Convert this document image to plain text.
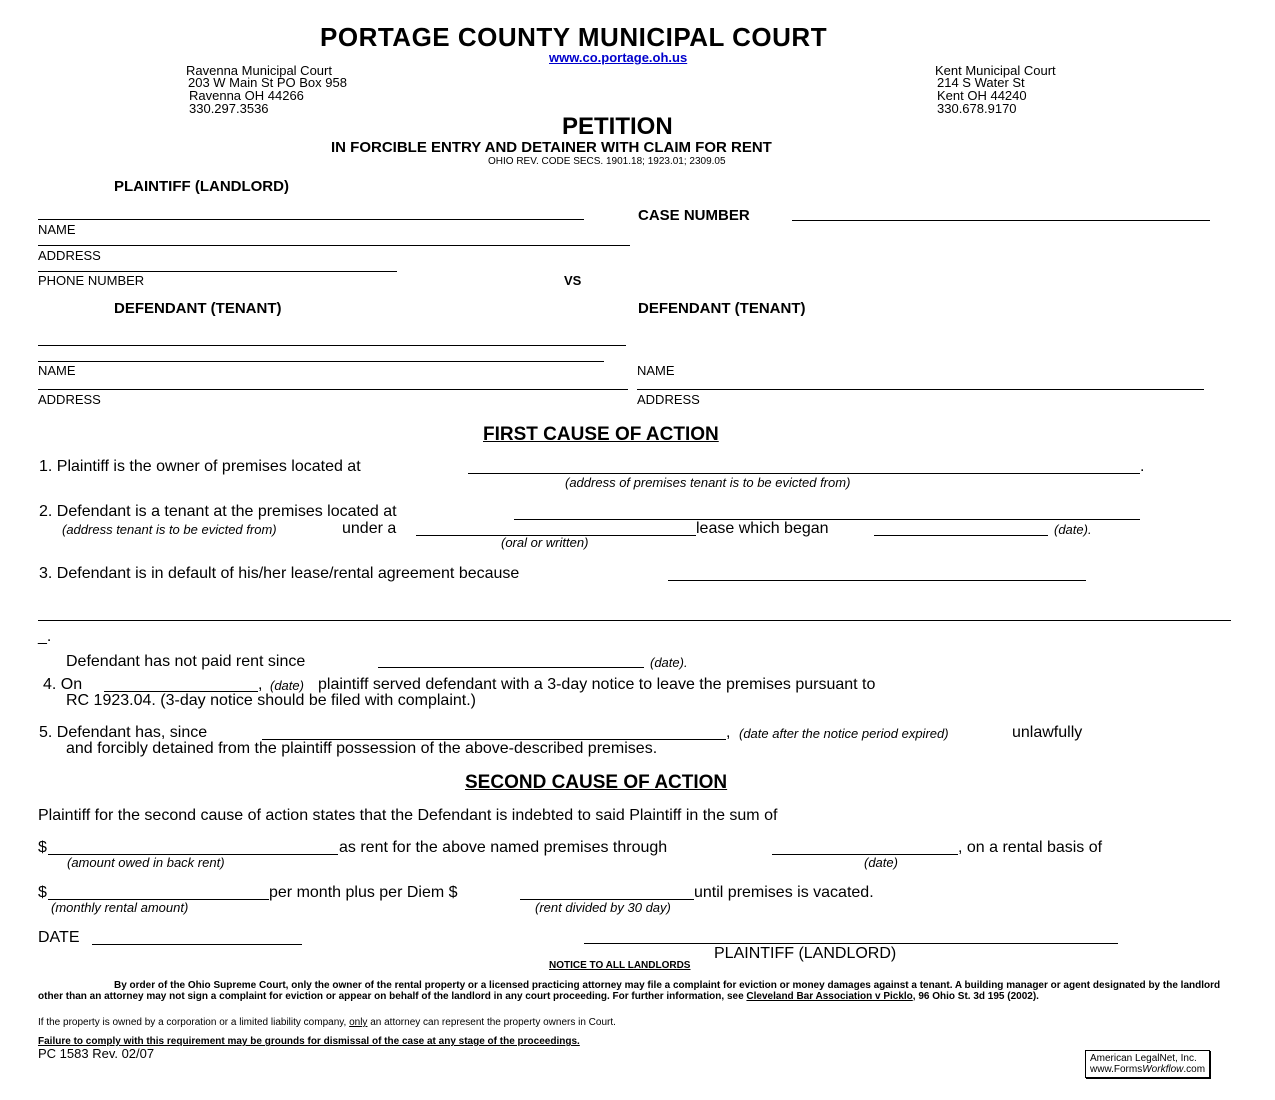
PORTAGE COUNTY MUNICIPAL COURT
www.co.portage.oh.us
Ravenna Municipal Court
203 W Main St PO Box 958
Ravenna OH 44266
330.297.3536
Kent Municipal Court
214 S Water St
Kent OH 44240
330.678.9170
PETITION
IN FORCIBLE ENTRY AND DETAINER WITH CLAIM FOR RENT
OHIO REV. CODE SECS. 1901.18; 1923.01; 2309.05
PLAINTIFF (LANDLORD)
NAME
ADDRESS
PHONE NUMBER
CASE NUMBER
VS
DEFENDANT (TENANT)	DEFENDANT (TENANT)
NAME
ADDRESS
NAME
ADDRESS
FIRST CAUSE OF ACTION
1. Plaintiff is the owner of premises located at	.
(address of premises tenant is to be evicted from)
2. Defendant is a tenant at the premises located at
(address tenant is to be evicted from)	under a	lease which began	(date).
(oral or written)
3. Defendant is in default of his/her lease/rental agreement because
_.
Defendant has not paid rent since	(date).
4. On	, (date) plaintiff served defendant with a 3-day notice to leave the premises pursuant to
RC 1923.04. (3-day notice should be filed with complaint.)
5. Defendant has, since	, (date after the notice period expired)	unlawfully
and forcibly detained from the plaintiff possession of the above-described premises.
SECOND CAUSE OF ACTION
Plaintiff for the second cause of action states that the Defendant is indebted to said Plaintiff in the sum of
$	as rent for the above named premises through	, on a rental basis of
(amount owed in back rent)	(date)
$	per month plus per Diem $	until premises is vacated.
(monthly rental amount)	(rent divided by 30 day)
DATE
PLAINTIFF (LANDLORD)
NOTICE TO ALL LANDLORDS
By order of the Ohio Supreme Court, only the owner of the rental property or a licensed practicing attorney may file a complaint for eviction or money damages against a tenant. A building manager or agent designated by the landlord other than an attorney may not sign a complaint for eviction or appear on behalf of the landlord in any court proceeding. For further information, see Cleveland Bar Association v Picklo, 96 Ohio St. 3d 195 (2002).
If the property is owned by a corporation or a limited liability company, only an attorney can represent the property owners in Court.
Failure to comply with this requirement may be grounds for dismissal of the case at any stage of the proceedings.
PC 1583 Rev. 02/07	American LegalNet, Inc.
www.FormsWorkflow.com
